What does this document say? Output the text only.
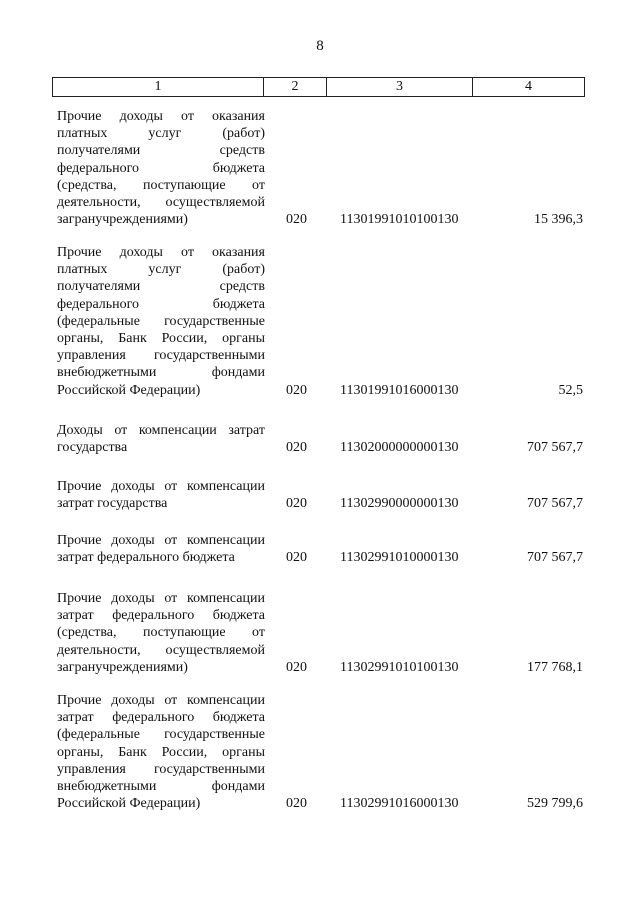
8
1	2	3	4
Прочие доходы от оказания
платных услуг (работ)
получателями средств
федерального бюджета
(средства, поступающие от
деятельности, осуществляемой
загранучреждениями)	020	11301991010100130	15 396,3
Прочие доходы от оказания
платных услуг (работ)
получателями средств
федерального бюджета
(федеральные государственные
органы, Банк России, органы
управления государственными
внебюджетными фондами
Российской Федерации)	020	11301991016000130	52,5
Доходы от компенсации затрат
государства	020	11302000000000130	707 567,7
Прочие доходы от компенсации
затрат государства	020	11302990000000130	707 567,7
Прочие доходы от компенсации
затрат федерального бюджета	020	11302991010000130	707 567,7
Прочие доходы от компенсации
затрат федерального бюджета
(средства, поступающие от
деятельности, осуществляемой
загранучреждениями)	020	11302991010100130	177 768,1
Прочие доходы от компенсации
затрат федерального бюджета
(федеральные государственные
органы, Банк России, органы
управления государственными
внебюджетными фондами
Российской Федерации)	020	11302991016000130	529 799,6
